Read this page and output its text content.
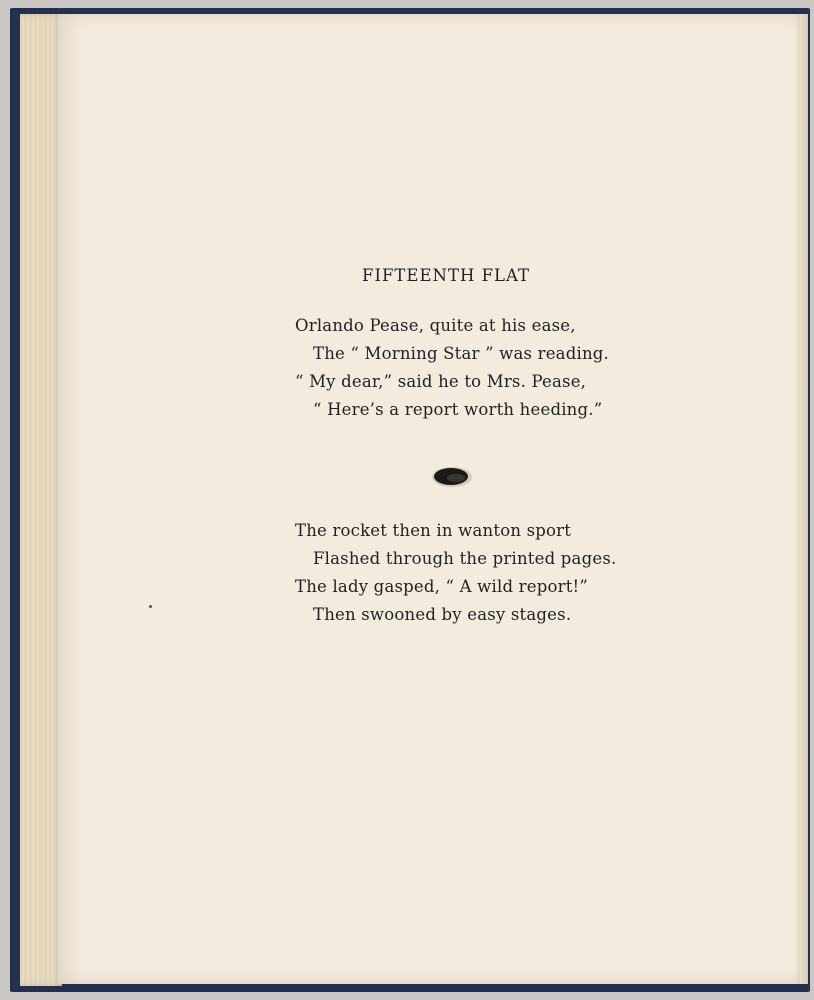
FIFTEENTH FLAT
Orlando Pease, quite at his ease,
The “ Morning Star ” was reading.
“ My dear,” said he to Mrs. Pease,
“ Here’s a report worth heeding.”
The rocket then in wanton sport
Flashed through the printed pages.
The lady gasped, “ A wild report!”
Then swooned by easy stages.
